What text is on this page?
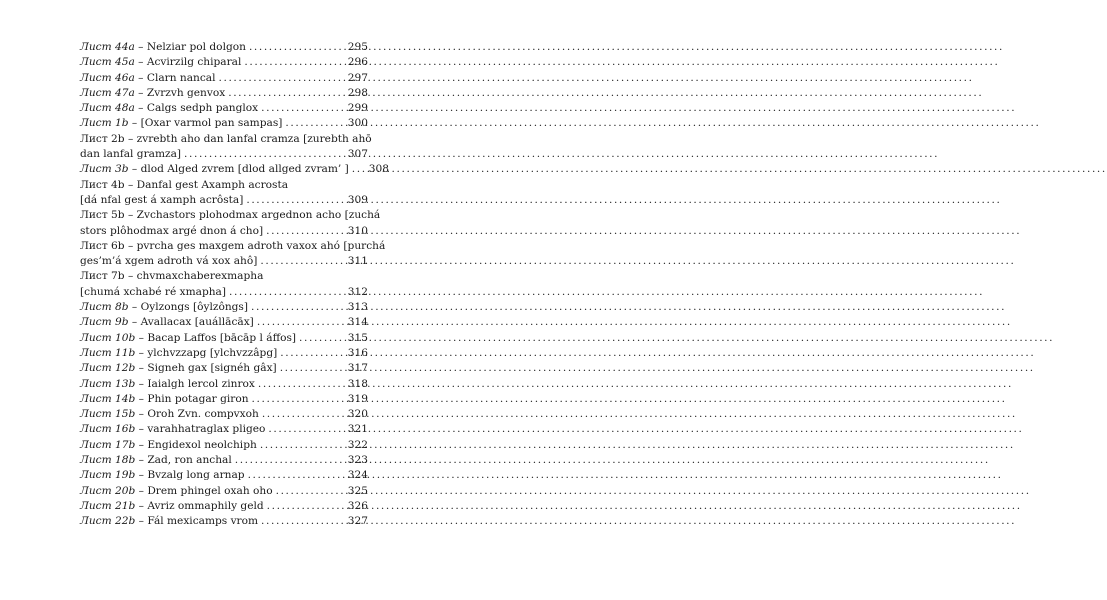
Лист 44а – Nelziar pol dolgon .....	295
Лист 45а – Acvirzilg chiparal .....	296
Лист 46а – Clarn nancal .....	297
Лист 47а – Zvrzvh genvox .....	298
Лист 48а – Calgs sedph panglox .....	299
Лист 1b – [Oxar varmol pan sampas] .....	300
Лист 2b – zvrebth aho dan lanfal cramza [zurebth ahō
dan lanfal gramza] .....	307
Лист 3b – dlod Alged zvrem [dlod allged zvram’ ] ..... 308
Лист 4b – Danfal gest Axamph acrosta
[dá nfal gest á xamph acrôsta] .....	309
Лист 5b – Zvchastors plohodmax argednon acho [zuchá
stors plôhodmax argé dnon á cho] .....	310
Лист 6b – pvrcha ges maxgem adroth vaxox ahó [purchá
ges’m’á xgem adroth vá xox ahô] .....	311
Лист 7b – chvmaxchaberexmapha
[chumá xchabé ré xmapha] .....	312
Лист 8b – Oylzongs [ôylzôngs] .....	313
Лист 9b – Avallacax [auállācāx] .....	314
Лист 10b – Bacap Laffos [bācāp l áffos] .....	315
Лист 11b – ylchvzzapg [ylchvzzâpg] .....	316
Лист 12b – Signeh gax [signéh gâx] .....	317
Лист 13b – Iaialgh lercol zinrox .....	318
Лист 14b – Phin potagar giron .....	319
Лист 15b – Oroh Zvn. compvxoh .....	320
Лист 16b – varahhatraglax pligeo .....	321
Лист 17b – Engidexol neolchiph .....	322
Лист 18b – Zad, ron anchal .....	323
Лист 19b – Bvzalg long arnap .....	324
Лист 20b – Drem phingel oxah oho .....	325
Лист 21b – Avriz ommaphily geld .....	326
Лист 22b – Fál mexicamps vrom .....	327
